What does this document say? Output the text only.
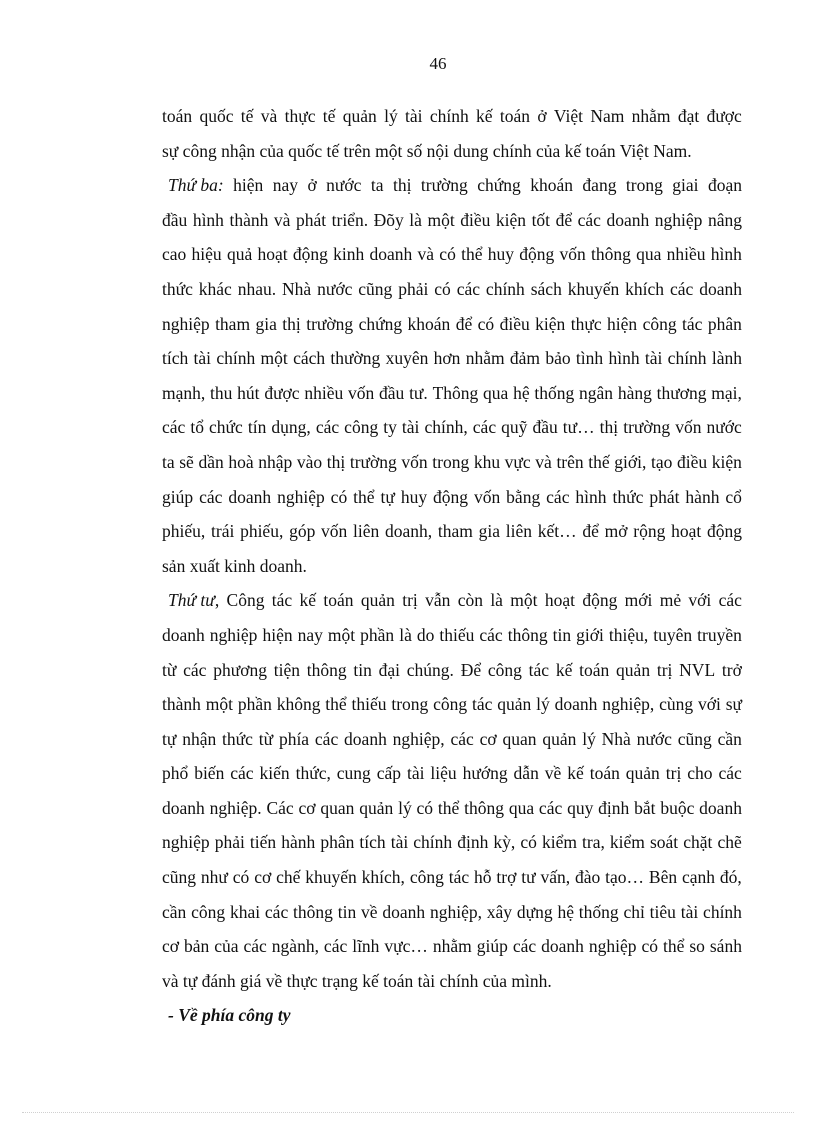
46
toán quốc tế và thực tế quản lý tài chính kế toán ở Việt Nam nhằm đạt được
sự công nhận của quốc tế trên một số nội dung chính của kế toán Việt Nam.
Thứ ba: hiện nay ở nước ta thị trường chứng khoán đang trong giai đoạn
đầu hình thành và phát triển. Đõy là một điều kiện tốt để các doanh nghiệp nâng
cao hiệu quả hoạt động kinh doanh và có thể huy động vốn thông qua nhiều hình
thức khác nhau. Nhà nước cũng phải có các chính sách khuyến khích các doanh
nghiệp tham gia thị trường chứng khoán để có điều kiện thực hiện công tác phân
tích tài chính một cách thường xuyên hơn nhằm đảm bảo tình hình tài chính lành
mạnh, thu hút được nhiều vốn đầu tư. Thông qua hệ thống ngân hàng thương mại,
các tổ chức tín dụng, các công ty tài chính, các quỹ đầu tư… thị trường vốn nước
ta sẽ dần hoà nhập vào thị trường vốn trong khu vực và trên thế giới, tạo điều kiện
giúp các doanh nghiệp có thể tự huy động vốn bằng các hình thức phát hành cổ
phiếu, trái phiếu, góp vốn liên doanh, tham gia liên kết… để mở rộng hoạt động
sản xuất kinh doanh.
Thứ tư, Công tác kế toán quản trị vẫn còn là một hoạt động mới mẻ với các
doanh nghiệp hiện nay một phần là do thiếu các thông tin giới thiệu, tuyên truyền
từ các phương tiện thông tin đại chúng. Để công tác kế toán quản trị NVL trở
thành một phần không thể thiếu trong công tác quản lý doanh nghiệp, cùng với sự
tự nhận thức từ phía các doanh nghiệp, các cơ quan quản lý Nhà nước cũng cần
phổ biến các kiến thức, cung cấp tài liệu hướng dẫn về kế toán quản trị cho các
doanh nghiệp. Các cơ quan quản lý có thể thông qua các quy định bắt buộc doanh
nghiệp phải tiến hành phân tích tài chính định kỳ, có kiểm tra, kiểm soát chặt chẽ
cũng như có cơ chế khuyến khích, công tác hỗ trợ tư vấn, đào tạo… Bên cạnh đó,
cần công khai các thông tin về doanh nghiệp, xây dựng hệ thống chỉ tiêu tài chính
cơ bản của các ngành, các lĩnh vực… nhằm giúp các doanh nghiệp có thể so sánh
và tự đánh giá về thực trạng kế toán tài chính của mình.
- Về phía công ty
